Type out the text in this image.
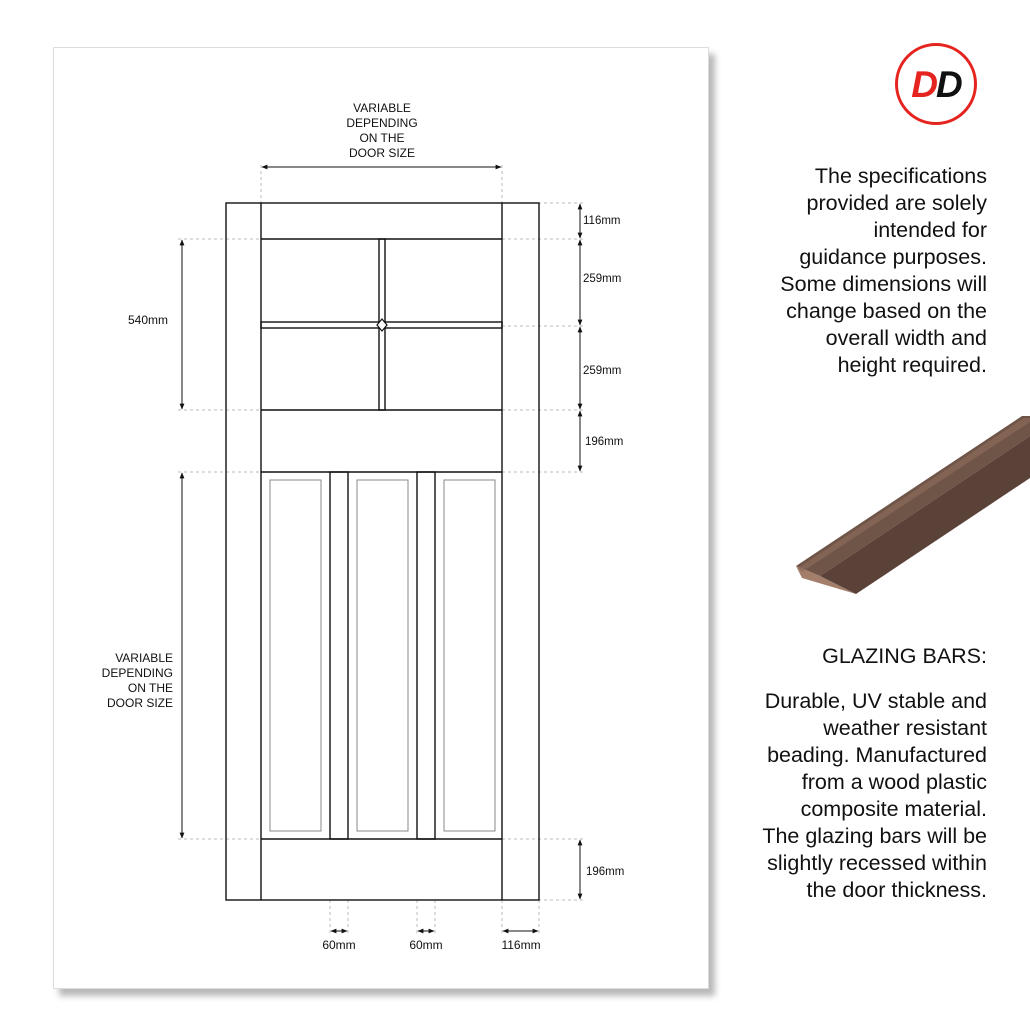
VARIABLE
DEPENDING
ON THE
DOOR SIZE
VARIABLE
DEPENDING
ON THE
DOOR SIZE
540mm
116mm
259mm
259mm
196mm
196mm
60mm	60mm	116mm
D D
The specifications
provided are solely
intended for
guidance purposes.
Some dimensions will
change based on the
overall width and
height required.
GLAZING BARS:
Durable, UV stable and
weather resistant
beading. Manufactured
from a wood plastic
composite material.
The glazing bars will be
slightly recessed within
the door thickness.
